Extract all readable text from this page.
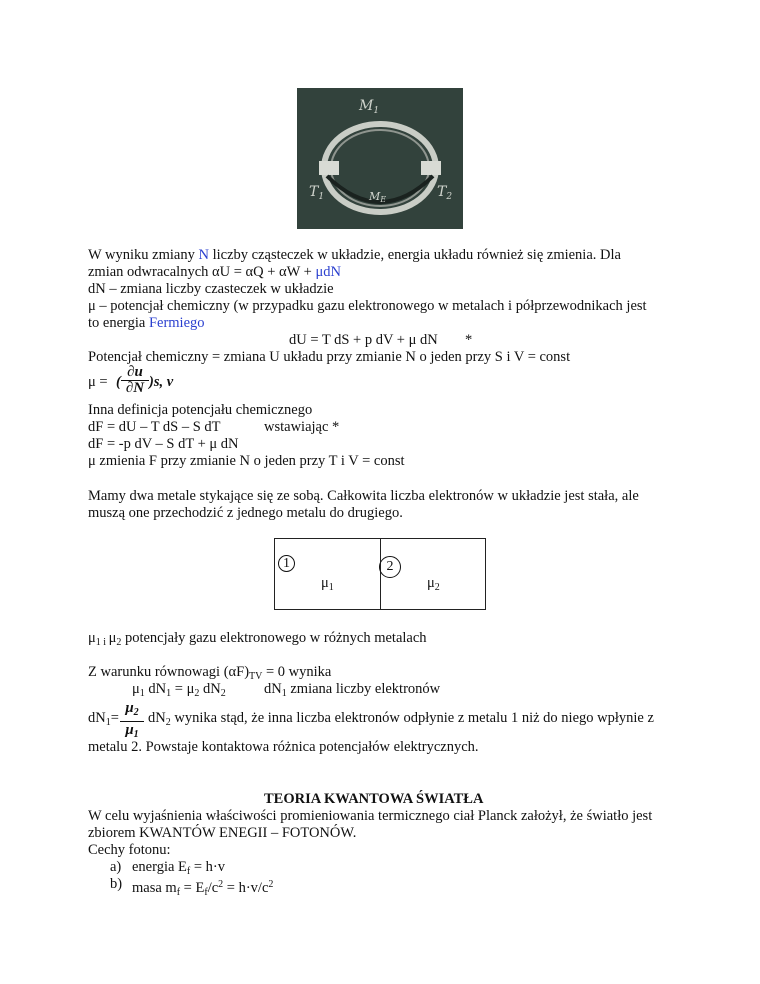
$M_1$
$T_1$	$T_2$
ME
W wyniku zmiany N liczby cząsteczek w układzie, energia układu również się zmienia. Dla
zmian odwracalnych αU = αQ + αW + μdN
dN – zmiana liczby czasteczek w układzie
μ – potencjał chemiczny (w przypadku gazu elektronowego w metalach i półprzewodnikach jest
to energia Fermiego
dU = T dS + p dV + μ dN *
Potencjał chemiczny = zmiana U układu przy zmianie N o jeden przy S i V = const
μ = ( $\frac{\partial u}{\partial N} )s$, v
Inna definicja potencjału chemicznego
dF = dU – T dS – S dT	wstawiając *
dF = -p dV – S dT + μ dN
μ zmienia F przy zmianie N o jeden przy T i V = const
Mamy dwa metale stykające się ze sobą. Całkowita liczba elektronów w układzie jest stała, ale
muszą one przechodzić z jednego metalu do drugiego.
1	2
$\mu_1$	$\mu_2$
$\mu_{1 i}$ $\mu_2$ potencjały gazu elektronowego w różnych metalach
Z warunku równowagi $(\alpha F)_{TV} = 0$ wynika
$\mu_1$ $dN_1 = \mu_2$ $dN_2$	$dN_1$ zmiana liczby elektronów
$dN_1= \frac{\mu_2}{\mu_1} dN_2$ wynika stąd, że inna liczba elektronów odpłynie z metalu 1 niż do niego wpłynie z
metalu 2. Powstaje kontaktowa różnica potencjałów elektrycznych.
TEORIA KWANTOWA ŚWIATŁA
W celu wyjaśnienia właściwości promieniowania termicznego ciał Planck założył, że światło jest
zbiorem KWANTÓW ENEGII – FOTONÓW.
Cechy fotonu:
a) energia $E_f = h\cdot v$
b) masa $m_f = E_f/c^2 = h\cdot v/c^2$
